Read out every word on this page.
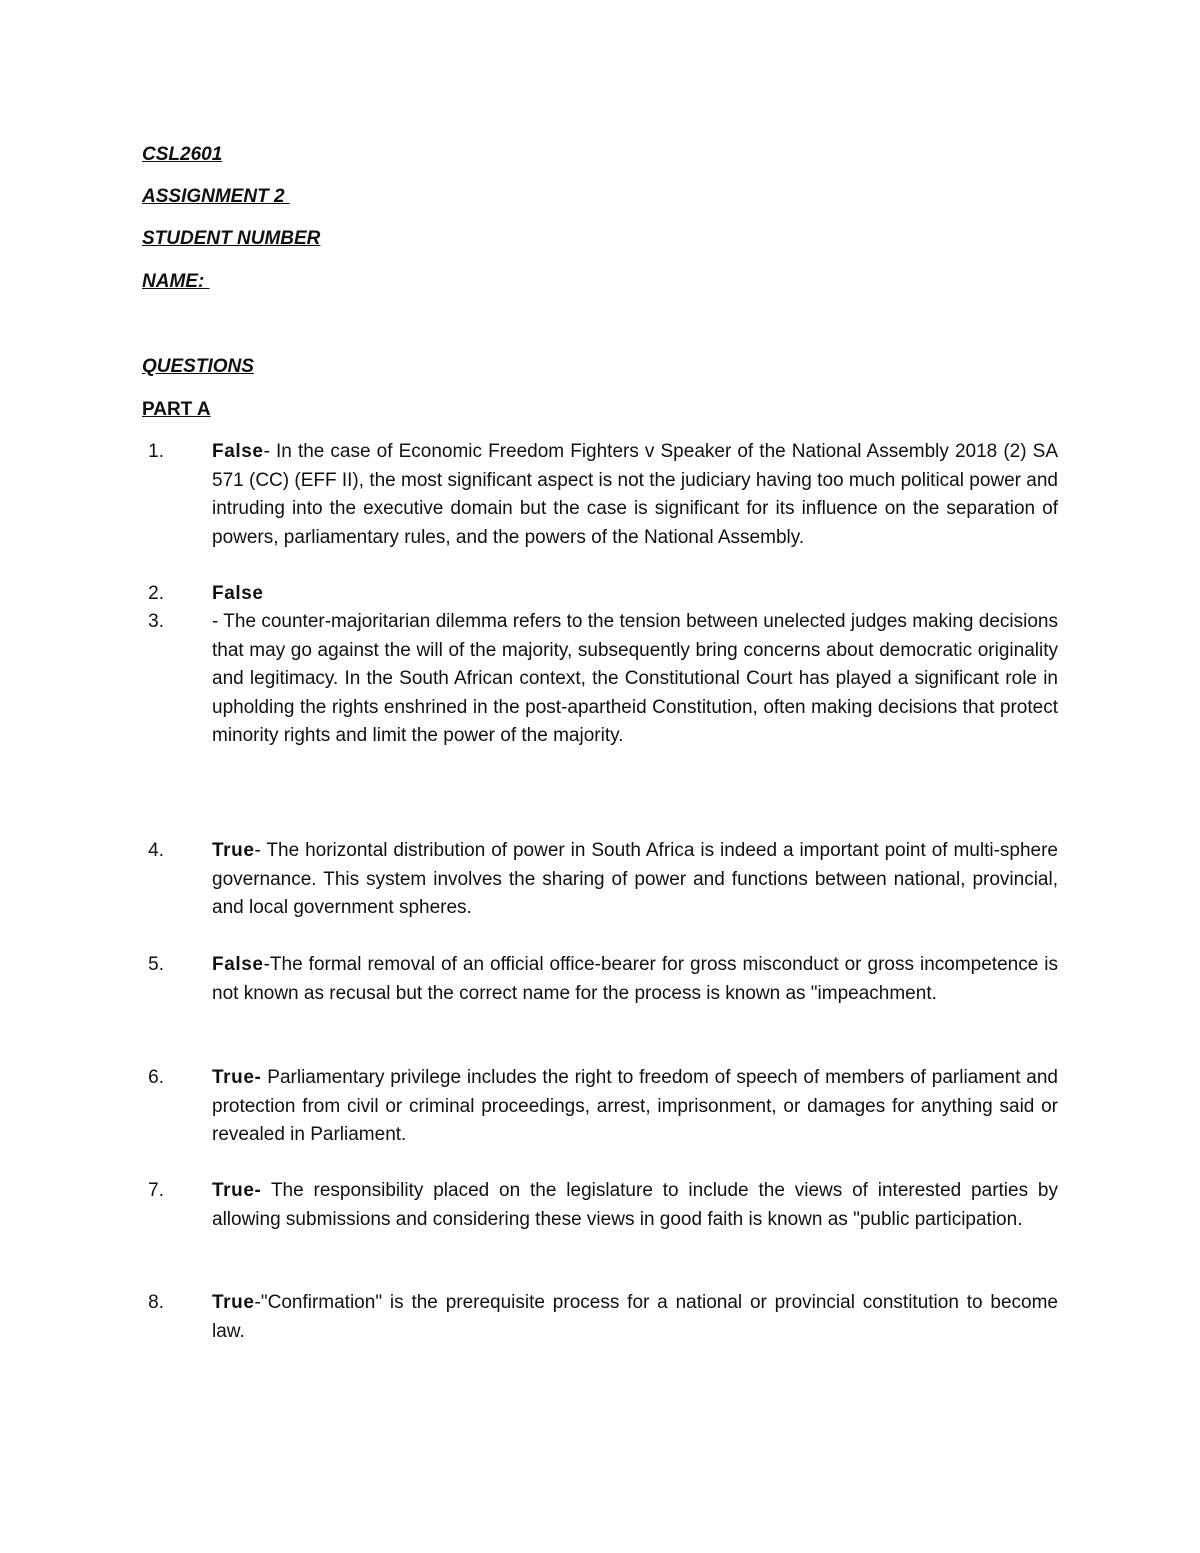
CSL2601
ASSIGNMENT 2
STUDENT NUMBER
NAME:
QUESTIONS
PART A
1.	False- In the case of Economic Freedom Fighters v Speaker of the National Assembly 2018 (2) SA 571 (CC) (EFF II), the most significant aspect is not the judiciary having too much political power and intruding into the executive domain but the case is significant for its influence on the separation of powers, parliamentary rules, and the powers of the National Assembly.
2.	False
3.	- The counter-majoritarian dilemma refers to the tension between unelected judges making decisions that may go against the will of the majority, subsequently bring concerns about democratic originality and legitimacy. In the South African context, the Constitutional Court has played a significant role in upholding the rights enshrined in the post-apartheid Constitution, often making decisions that protect minority rights and limit the power of the majority.
4.	True- The horizontal distribution of power in South Africa is indeed a important point of multi-sphere governance. This system involves the sharing of power and functions between national, provincial, and local government spheres.
5.	False-The formal removal of an official office-bearer for gross misconduct or gross incompetence is not known as recusal but the correct name for the process is known as "impeachment.
6.	True- Parliamentary privilege includes the right to freedom of speech of members of parliament and protection from civil or criminal proceedings, arrest, imprisonment, or damages for anything said or revealed in Parliament.
7.	True- The responsibility placed on the legislature to include the views of interested parties by allowing submissions and considering these views in good faith is known as "public participation.
8.	True-"Confirmation" is the prerequisite process for a national or provincial constitution to become law.
